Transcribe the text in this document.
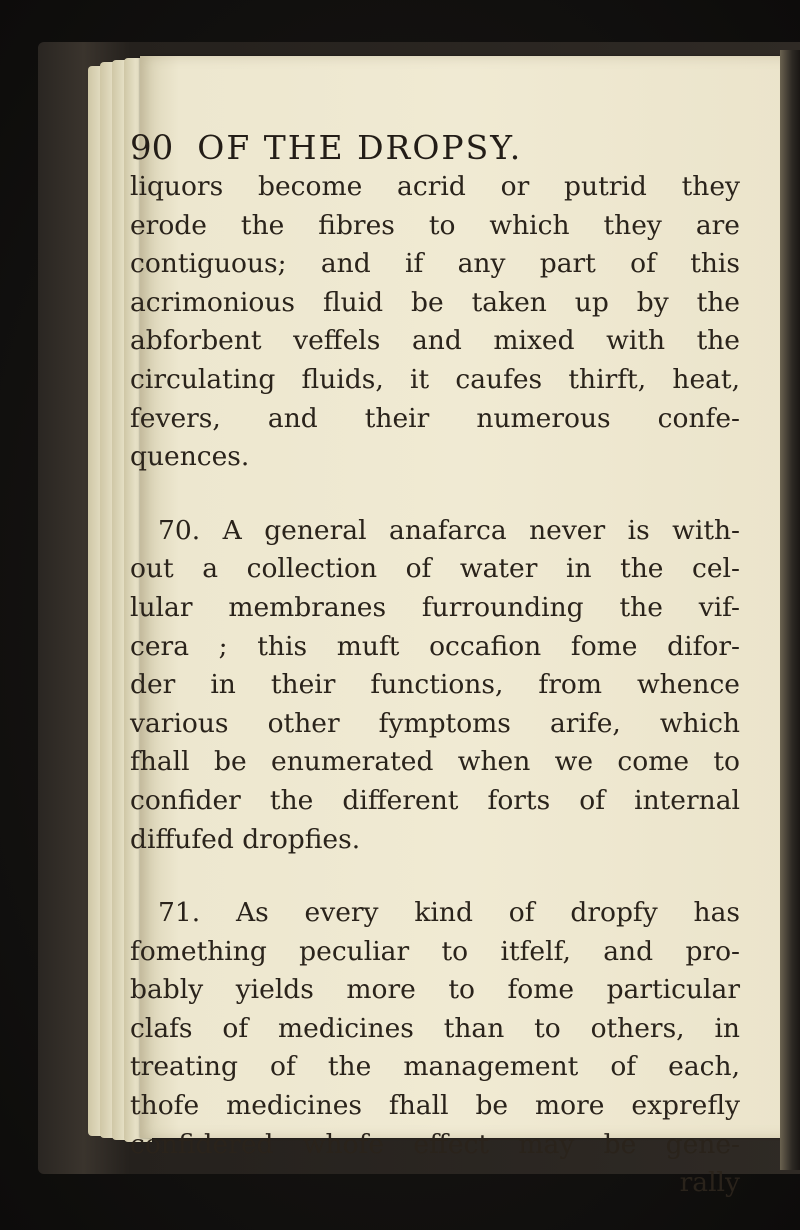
90 OF THE DROPSY.
liquors become acrid or putrid they
erode the fibres to which they are
contiguous; and if any part of this
acrimonious fluid be taken up by the
abforbent veffels and mixed with the
circulating fluids, it caufes thirft, heat,
fevers, and their numerous confe-
quences.
70. A general anafarca never is with-
out a collection of water in the cel-
lular membranes furrounding the vif-
cera ; this muft occafion fome difor-
der in their functions, from whence
various other fymptoms arife, which
fhall be enumerated when we come to
confider the different forts of internal
diffufed dropfies.
71. As every kind of dropfy has
fomething peculiar to itfelf, and pro-
bably yields more to fome particular
clafs of medicines than to others, in
treating of the management of each,
thofe medicines fhall be more exprefly
confidered whofe effect may be gene-
rally
